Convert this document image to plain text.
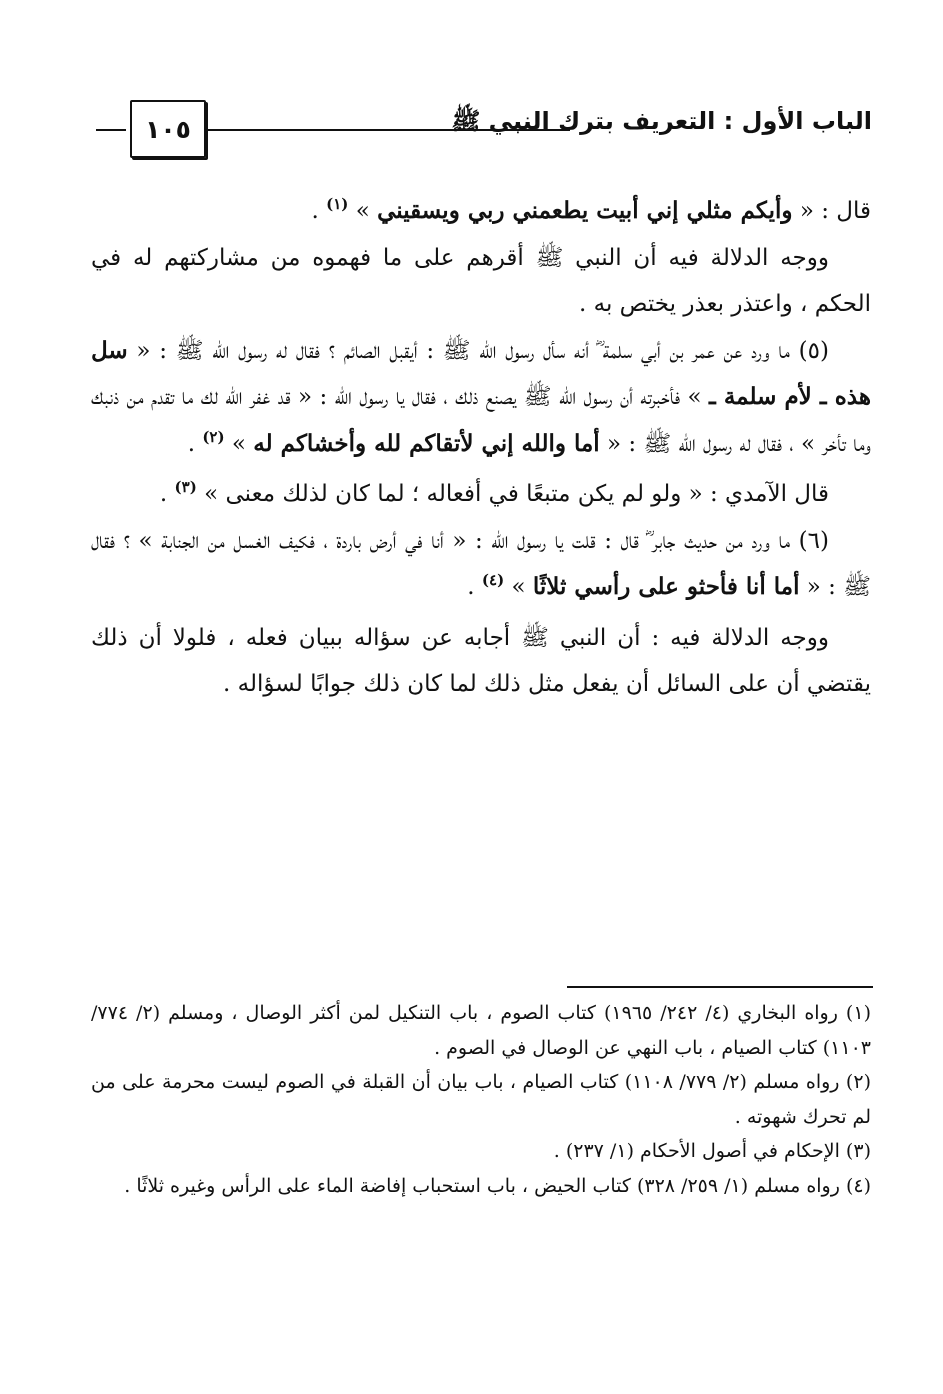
١٠٥	الباب الأول : التعريف بترك النبي ﷺ

قال : « وأيكم مثلي إني أبيت يطعمني ربي ويسقيني » $^{(١)}$ .

ووجه الدلالة فيه أن النبي ﷺ أقرهم على ما فهموه من مشاركتهم له في الحكم ، واعتذر بعذر يختص به .

(٥) ما ورد عن عمر بن أبي سلمة ؓ أنه سأل رسول الله ﷺ : أيقبل الصائم ؟ فقال له رسول الله ﷺ : « سل هذه ـ لأم سلمة ـ » فأخبرته أن رسول الله ﷺ يصنع ذلك ، فقال يا رسول الله : « قد غفر الله لك ما تقدم من ذنبك وما تأخر » ، فقال له رسول الله ﷺ : « أما والله إني لأتقاكم لله وأخشاكم له » $^{(٢)}$ .

قال الآمدي : « ولو لم يكن متبعًا في أفعاله ؛ لما كان لذلك معنى » $^{(٣)}$ .

(٦) ما ورد من حديث جابر ؓ قال : قلت يا رسول الله : « أنا في أرض باردة ، فكيف الغسل من الجنابة » ؟ فقال ﷺ : « أما أنا فأحثو على رأسي ثلاثًا » $^{(٤)}$ .

ووجه الدلالة فيه : أن النبي ﷺ أجابه عن سؤاله ببيان فعله ، فلولا أن ذلك يقتضي أن على السائل أن يفعل مثل ذلك لما كان ذلك جوابًا لسؤاله .

(١) رواه البخاري (٤/ ٢٤٢/ ١٩٦٥) كتاب الصوم ، باب التنكيل لمن أكثر الوصال ، ومسلم (٢/ ٧٧٤/ ١١٠٣) كتاب الصيام ، باب النهي عن الوصال في الصوم .

(٢) رواه مسلم (٢/ ٧٧٩/ ١١٠٨) كتاب الصيام ، باب بيان أن القبلة في الصوم ليست محرمة على من لم تحرك شهوته .

(٣) الإحكام في أصول الأحكام (١/ ٢٣٧) .

(٤) رواه مسلم (١/ ٢٥٩/ ٣٢٨) كتاب الحيض ، باب استحباب إفاضة الماء على الرأس وغيره ثلاثًا .
